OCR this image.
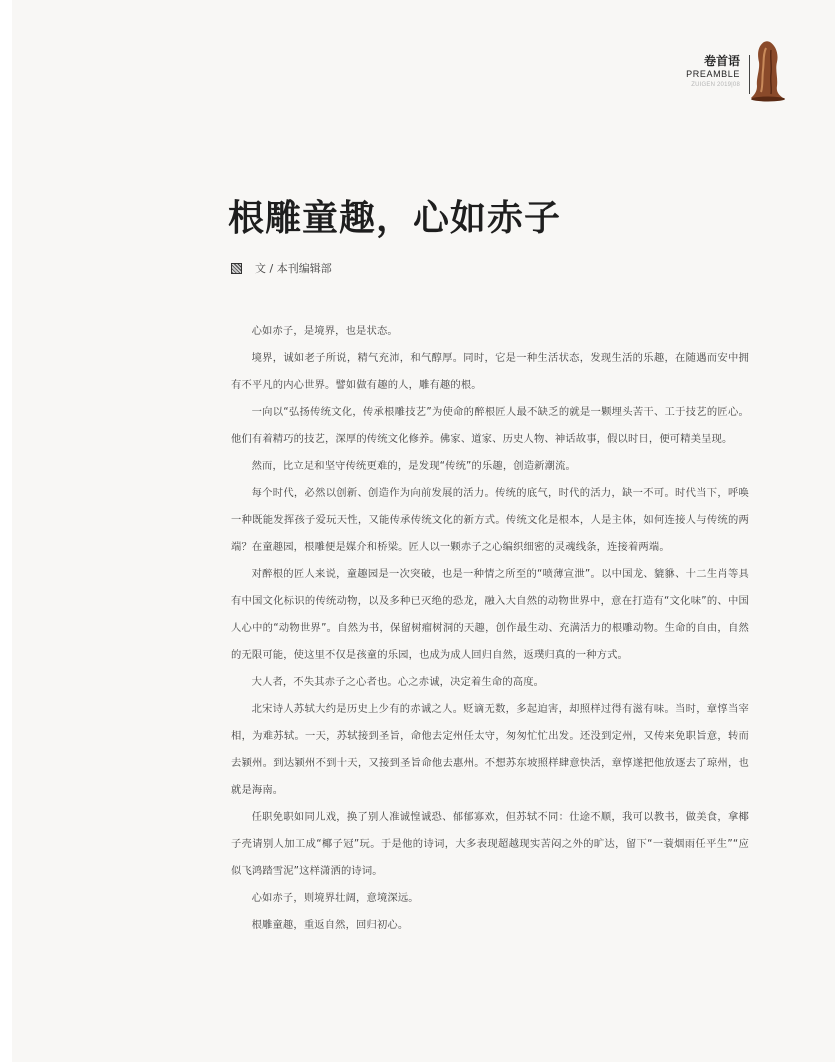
卷首语
PREAMBLE
ZUIGEN 2019|08
根雕童趣，心如赤子
文 / 本刊编辑部

心如赤子，是境界，也是状态。

境界，诚如老子所说，精气充沛，和气醇厚。同时，它是一种生活状态，发现生活的乐趣，在随遇而安中拥有不平凡的内心世界。譬如做有趣的人，雕有趣的根。

一向以“弘扬传统文化，传承根雕技艺”为使命的醉根匠人最不缺乏的就是一颗埋头苦干、工于技艺的匠心。他们有着精巧的技艺，深厚的传统文化修养。佛家、道家、历史人物、神话故事，假以时日，便可精美呈现。

然而，比立足和坚守传统更难的，是发现“传统”的乐趣，创造新潮流。

每个时代，必然以创新、创造作为向前发展的活力。传统的底气，时代的活力，缺一不可。时代当下，呼唤一种既能发挥孩子爱玩天性，又能传承传统文化的新方式。传统文化是根本，人是主体，如何连接人与传统的两端？在童趣园，根雕便是媒介和桥梁。匠人以一颗赤子之心编织细密的灵魂线条，连接着两端。

对醉根的匠人来说，童趣园是一次突破，也是一种情之所至的“喷薄宣泄”。以中国龙、貔貅、十二生肖等具有中国文化标识的传统动物，以及多种已灭绝的恐龙，融入大自然的动物世界中，意在打造有“文化味”的、中国人心中的“动物世界”。自然为书，保留树瘤树洞的天趣，创作最生动、充满活力的根雕动物。生命的自由，自然的无限可能，使这里不仅是孩童的乐园，也成为成人回归自然，返璞归真的一种方式。

大人者，不失其赤子之心者也。心之赤诚，决定着生命的高度。

北宋诗人苏轼大约是历史上少有的赤诚之人。贬谪无数，多起迫害，却照样过得有滋有味。当时，章惇当宰相，为难苏轼。一天，苏轼接到圣旨，命他去定州任太守，匆匆忙忙出发。还没到定州，又传来免职旨意，转而去颍州。到达颍州不到十天，又接到圣旨命他去惠州。不想苏东坡照样肆意快活，章惇遂把他放逐去了琼州，也就是海南。

任职免职如同儿戏，换了别人准诚惶诚恐、郁郁寡欢，但苏轼不同：仕途不顺，我可以教书，做美食，拿椰子壳请别人加工成“椰子冠”玩。于是他的诗词，大多表现超越现实苦闷之外的旷达，留下“一蓑烟雨任平生”“应似飞鸿踏雪泥”这样潇洒的诗词。

心如赤子，则境界壮阔，意境深远。

根雕童趣，重返自然，回归初心。
